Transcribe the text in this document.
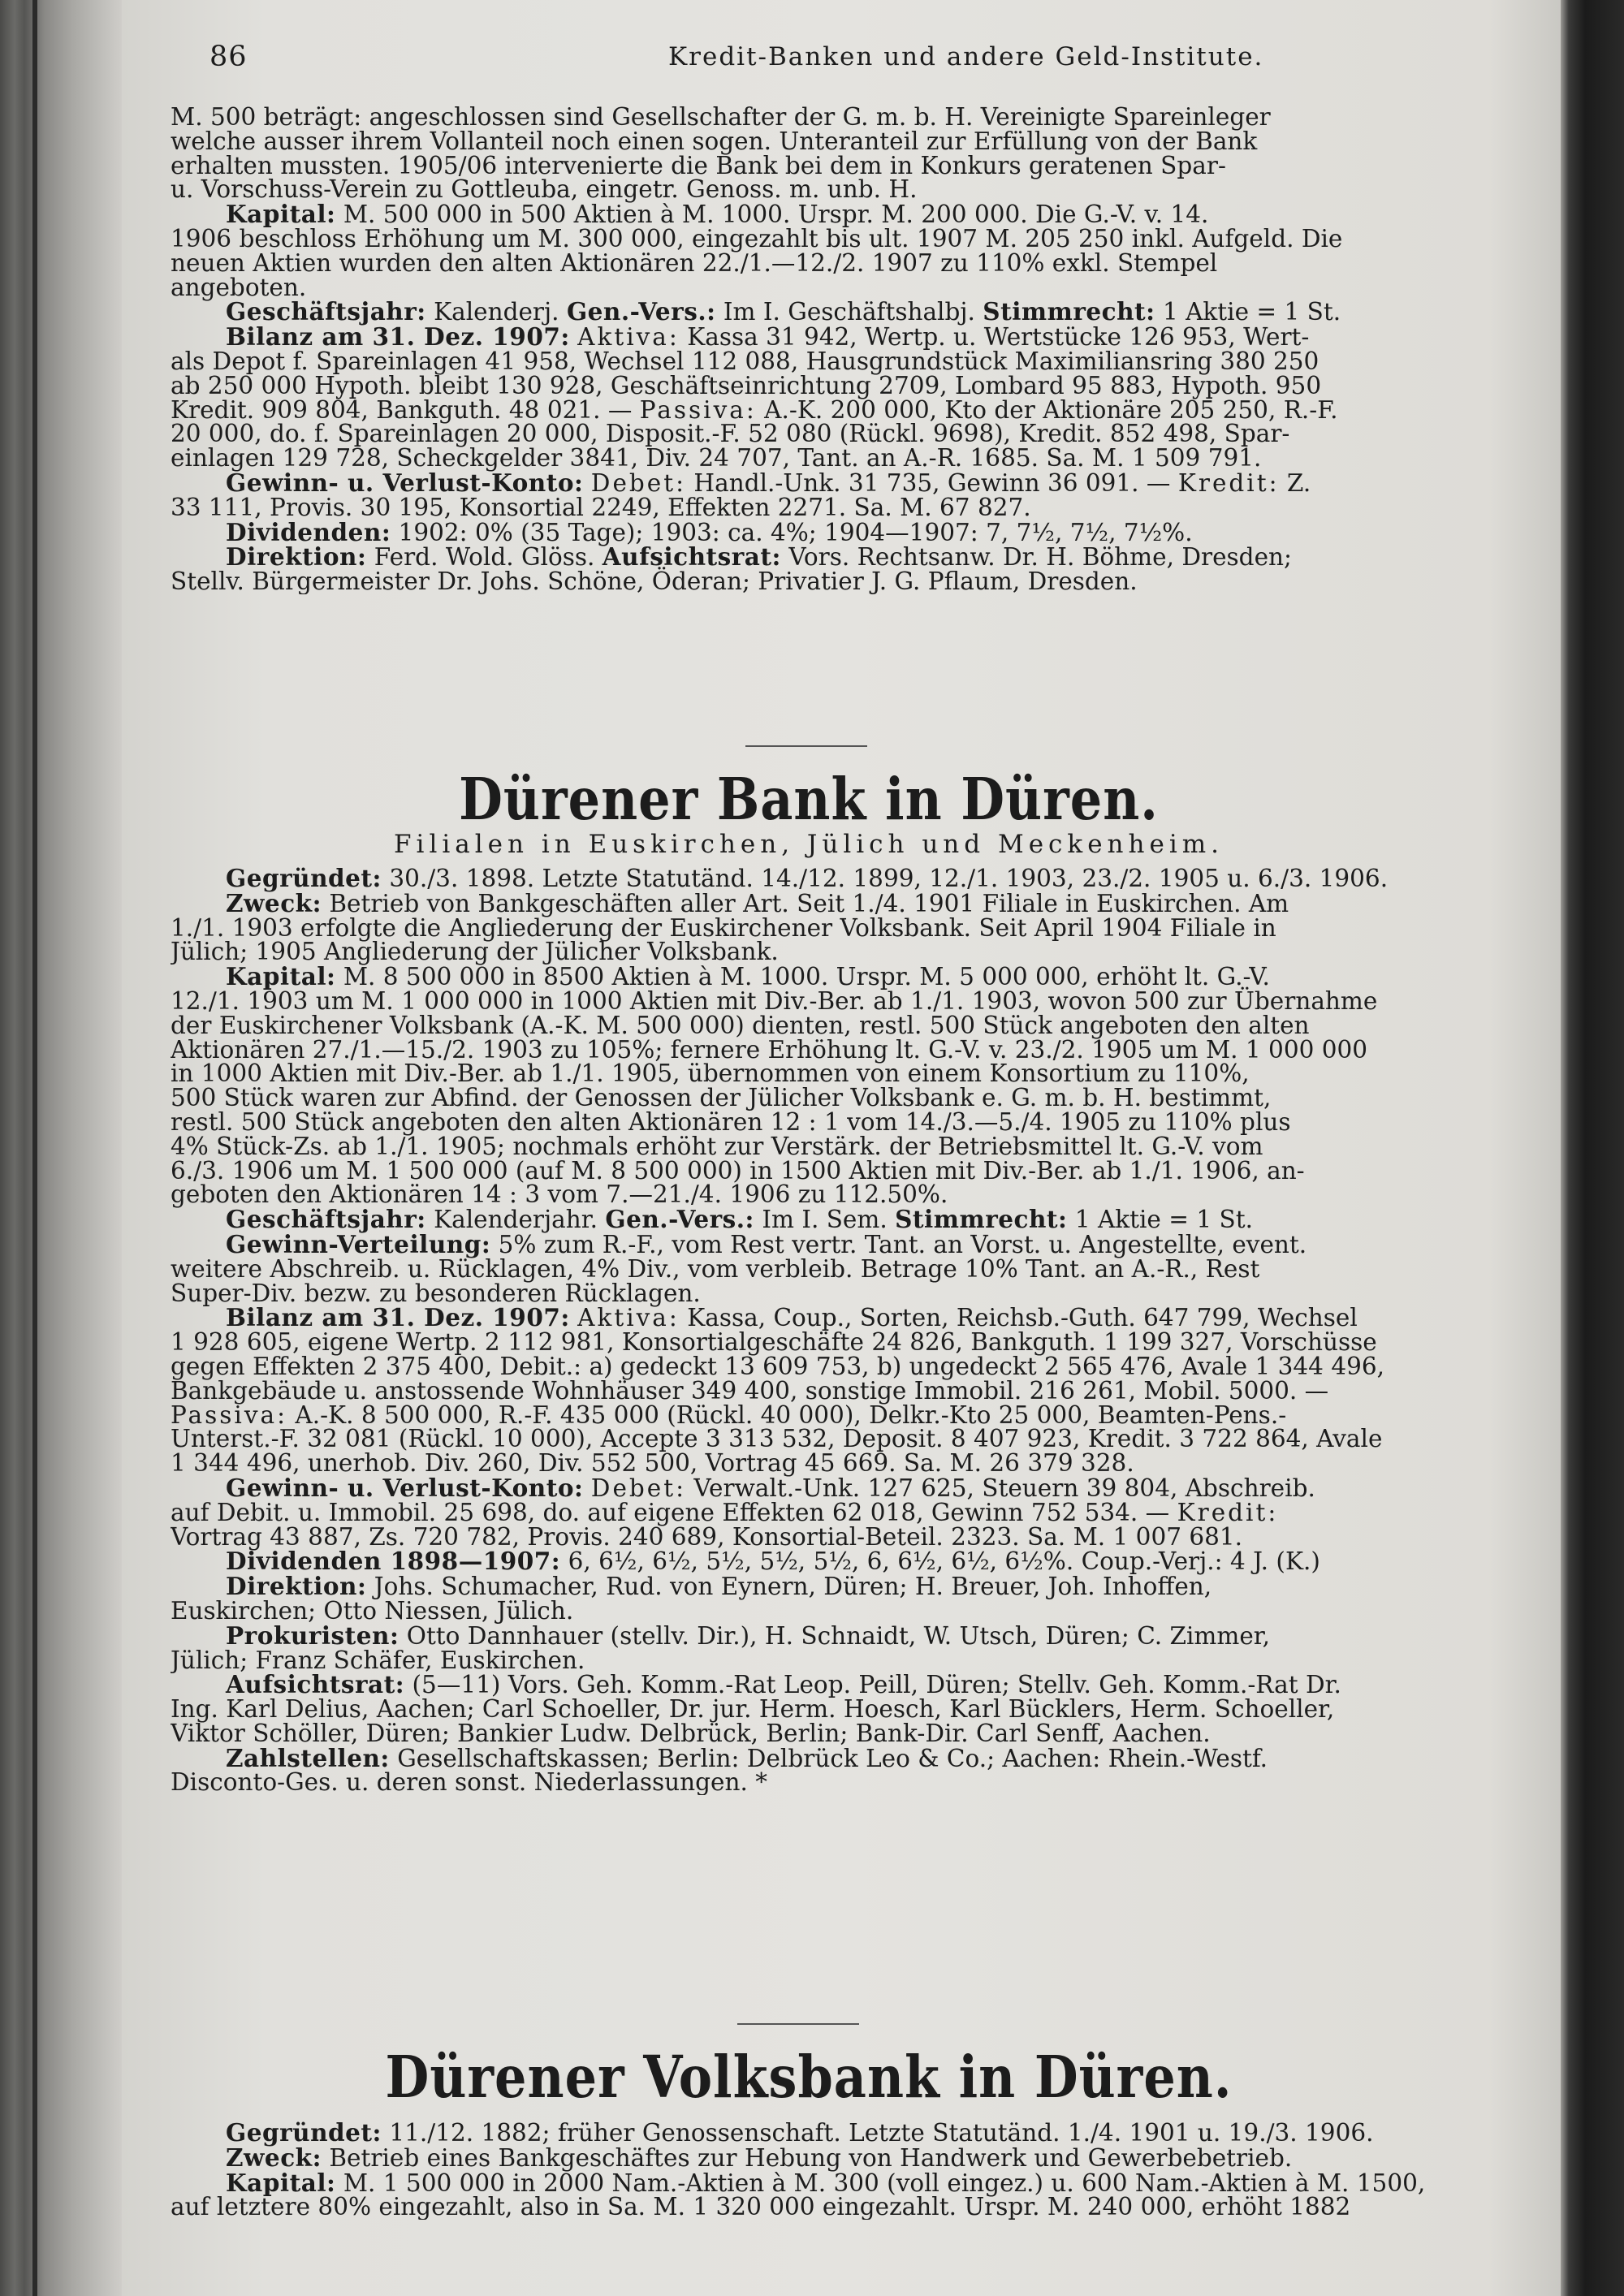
86	Kredit-Banken und andere Geld-Institute.

M. 500 beträgt: angeschlossen sind Gesellschafter der G. m. b. H. Vereinigte Spareinleger

welche ausser ihrem Vollanteil noch einen sogen. Unteranteil zur Erfüllung von der Bank

erhalten mussten. 1905/06 intervenierte die Bank bei dem in Konkurs geratenen Spar-

u. Vorschuss-Verein zu Gottleuba, eingetr. Genoss. m. unb. H.

Kapital: M. 500 000 in 500 Aktien à M. 1000. Urspr. M. 200 000. Die G.-V. v. 14.

1906 beschloss Erhöhung um M. 300 000, eingezahlt bis ult. 1907 M. 205 250 inkl. Aufgeld. Die

neuen Aktien wurden den alten Aktionären 22./1.—12./2. 1907 zu 110% exkl. Stempel

angeboten.

Geschäftsjahr: Kalenderj. Gen.-Vers.: Im I. Geschäftshalbj. Stimmrecht: 1 Aktie = 1 St.

Bilanz am 31. Dez. 1907: Aktiva: Kassa 31 942, Wertp. u. Wertstücke 126 953, Wert-

als Depot f. Spareinlagen 41 958, Wechsel 112 088, Hausgrundstück Maximiliansring 380 250

ab 250 000 Hypoth. bleibt 130 928, Geschäftseinrichtung 2709, Lombard 95 883, Hypoth. 950

Kredit. 909 804, Bankguth. 48 021. — Passiva: A.-K. 200 000, Kto der Aktionäre 205 250, R.-F.

20 000, do. f. Spareinlagen 20 000, Disposit.-F. 52 080 (Rückl. 9698), Kredit. 852 498, Spar-

einlagen 129 728, Scheckgelder 3841, Div. 24 707, Tant. an A.-R. 1685. Sa. M. 1 509 791.

Gewinn- u. Verlust-Konto: Debet: Handl.-Unk. 31 735, Gewinn 36 091. — Kredit: Z.

33 111, Provis. 30 195, Konsortial 2249, Effekten 2271. Sa. M. 67 827.

Dividenden: 1902: 0% (35 Tage); 1903: ca. 4%; 1904—1907: 7, 7½, 7½, 7½%.

Direktion: Ferd. Wold. Glöss. Aufsichtsrat: Vors. Rechtsanw. Dr. H. Böhme, Dresden;

Stellv. Bürgermeister Dr. Johs. Schöne, Öderan; Privatier J. G. Pflaum, Dresden.

Dürener Bank in Düren.
Filialen in Euskirchen, Jülich und Meckenheim.

Gegründet: 30./3. 1898. Letzte Statutänd. 14./12. 1899, 12./1. 1903, 23./2. 1905 u. 6./3. 1906.

Zweck: Betrieb von Bankgeschäften aller Art. Seit 1./4. 1901 Filiale in Euskirchen. Am

1./1. 1903 erfolgte die Angliederung der Euskirchener Volksbank. Seit April 1904 Filiale in

Jülich; 1905 Angliederung der Jülicher Volksbank.

Kapital: M. 8 500 000 in 8500 Aktien à M. 1000. Urspr. M. 5 000 000, erhöht lt. G.-V.

12./1. 1903 um M. 1 000 000 in 1000 Aktien mit Div.-Ber. ab 1./1. 1903, wovon 500 zur Übernahme

der Euskirchener Volksbank (A.-K. M. 500 000) dienten, restl. 500 Stück angeboten den alten

Aktionären 27./1.—15./2. 1903 zu 105%; fernere Erhöhung lt. G.-V. v. 23./2. 1905 um M. 1 000 000

in 1000 Aktien mit Div.-Ber. ab 1./1. 1905, übernommen von einem Konsortium zu 110%,

500 Stück waren zur Abfind. der Genossen der Jülicher Volksbank e. G. m. b. H. bestimmt,

restl. 500 Stück angeboten den alten Aktionären 12 : 1 vom 14./3.—5./4. 1905 zu 110% plus

4% Stück-Zs. ab 1./1. 1905; nochmals erhöht zur Verstärk. der Betriebsmittel lt. G.-V. vom

6./3. 1906 um M. 1 500 000 (auf M. 8 500 000) in 1500 Aktien mit Div.-Ber. ab 1./1. 1906, an-

geboten den Aktionären 14 : 3 vom 7.—21./4. 1906 zu 112.50%.

Geschäftsjahr: Kalenderjahr. Gen.-Vers.: Im I. Sem. Stimmrecht: 1 Aktie = 1 St.

Gewinn-Verteilung: 5% zum R.-F., vom Rest vertr. Tant. an Vorst. u. Angestellte, event.

weitere Abschreib. u. Rücklagen, 4% Div., vom verbleib. Betrage 10% Tant. an A.-R., Rest

Super-Div. bezw. zu besonderen Rücklagen.

Bilanz am 31. Dez. 1907: Aktiva: Kassa, Coup., Sorten, Reichsb.-Guth. 647 799, Wechsel

1 928 605, eigene Wertp. 2 112 981, Konsortialgeschäfte 24 826, Bankguth. 1 199 327, Vorschüsse

gegen Effekten 2 375 400, Debit.: a) gedeckt 13 609 753, b) ungedeckt 2 565 476, Avale 1 344 496,

Bankgebäude u. anstossende Wohnhäuser 349 400, sonstige Immobil. 216 261, Mobil. 5000. —

Passiva: A.-K. 8 500 000, R.-F. 435 000 (Rückl. 40 000), Delkr.-Kto 25 000, Beamten-Pens.-

Unterst.-F. 32 081 (Rückl. 10 000), Accepte 3 313 532, Deposit. 8 407 923, Kredit. 3 722 864, Avale

1 344 496, unerhob. Div. 260, Div. 552 500, Vortrag 45 669. Sa. M. 26 379 328.

Gewinn- u. Verlust-Konto: Debet: Verwalt.-Unk. 127 625, Steuern 39 804, Abschreib.

auf Debit. u. Immobil. 25 698, do. auf eigene Effekten 62 018, Gewinn 752 534. — Kredit:

Vortrag 43 887, Zs. 720 782, Provis. 240 689, Konsortial-Beteil. 2323. Sa. M. 1 007 681.

Dividenden 1898—1907: 6, 6½, 6½, 5½, 5½, 5½, 6, 6½, 6½, 6½%. Coup.-Verj.: 4 J. (K.)

Direktion: Johs. Schumacher, Rud. von Eynern, Düren; H. Breuer, Joh. Inhoffen,

Euskirchen; Otto Niessen, Jülich.

Prokuristen: Otto Dannhauer (stellv. Dir.), H. Schnaidt, W. Utsch, Düren; C. Zimmer,

Jülich; Franz Schäfer, Euskirchen.

Aufsichtsrat: (5—11) Vors. Geh. Komm.-Rat Leop. Peill, Düren; Stellv. Geh. Komm.-Rat Dr.

Ing. Karl Delius, Aachen; Carl Schoeller, Dr. jur. Herm. Hoesch, Karl Bücklers, Herm. Schoeller,

Viktor Schöller, Düren; Bankier Ludw. Delbrück, Berlin; Bank-Dir. Carl Senff, Aachen.

Zahlstellen: Gesellschaftskassen; Berlin: Delbrück Leo & Co.; Aachen: Rhein.-Westf.

Disconto-Ges. u. deren sonst. Niederlassungen. *

Dürener Volksbank in Düren.

Gegründet: 11./12. 1882; früher Genossenschaft. Letzte Statutänd. 1./4. 1901 u. 19./3. 1906.

Zweck: Betrieb eines Bankgeschäftes zur Hebung von Handwerk und Gewerbebetrieb.

Kapital: M. 1 500 000 in 2000 Nam.-Aktien à M. 300 (voll eingez.) u. 600 Nam.-Aktien à M. 1500,

auf letztere 80% eingezahlt, also in Sa. M. 1 320 000 eingezahlt. Urspr. M. 240 000, erhöht 1882
